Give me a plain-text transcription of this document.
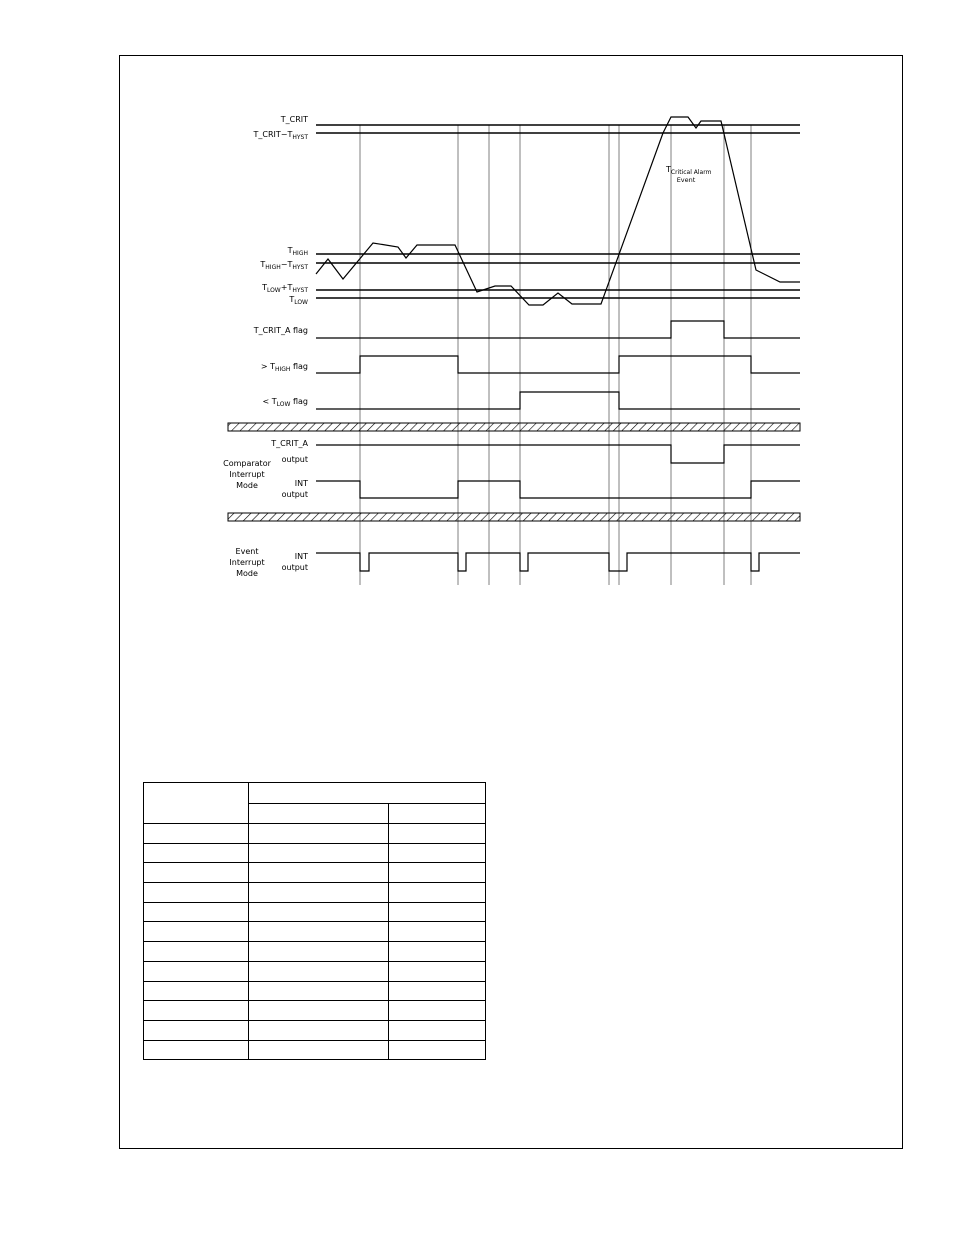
T_CRIT
$T\_CRIT-T_{HYST}$
$T_{HIGH}$
$T_{HIGH}-T_{HYST}$
$T_{LOW}+T_{HYST}$
$T_{LOW}$
$T_{Critical Alarm}$
Event
T_CRIT_A flag
> $T_{HIGH}$ flag
< $T_{LOW}$ flag
T_CRIT_A
output
Comparator
Interrupt
Mode	INT
output
Event
Interrupt
Mode
INT
output
